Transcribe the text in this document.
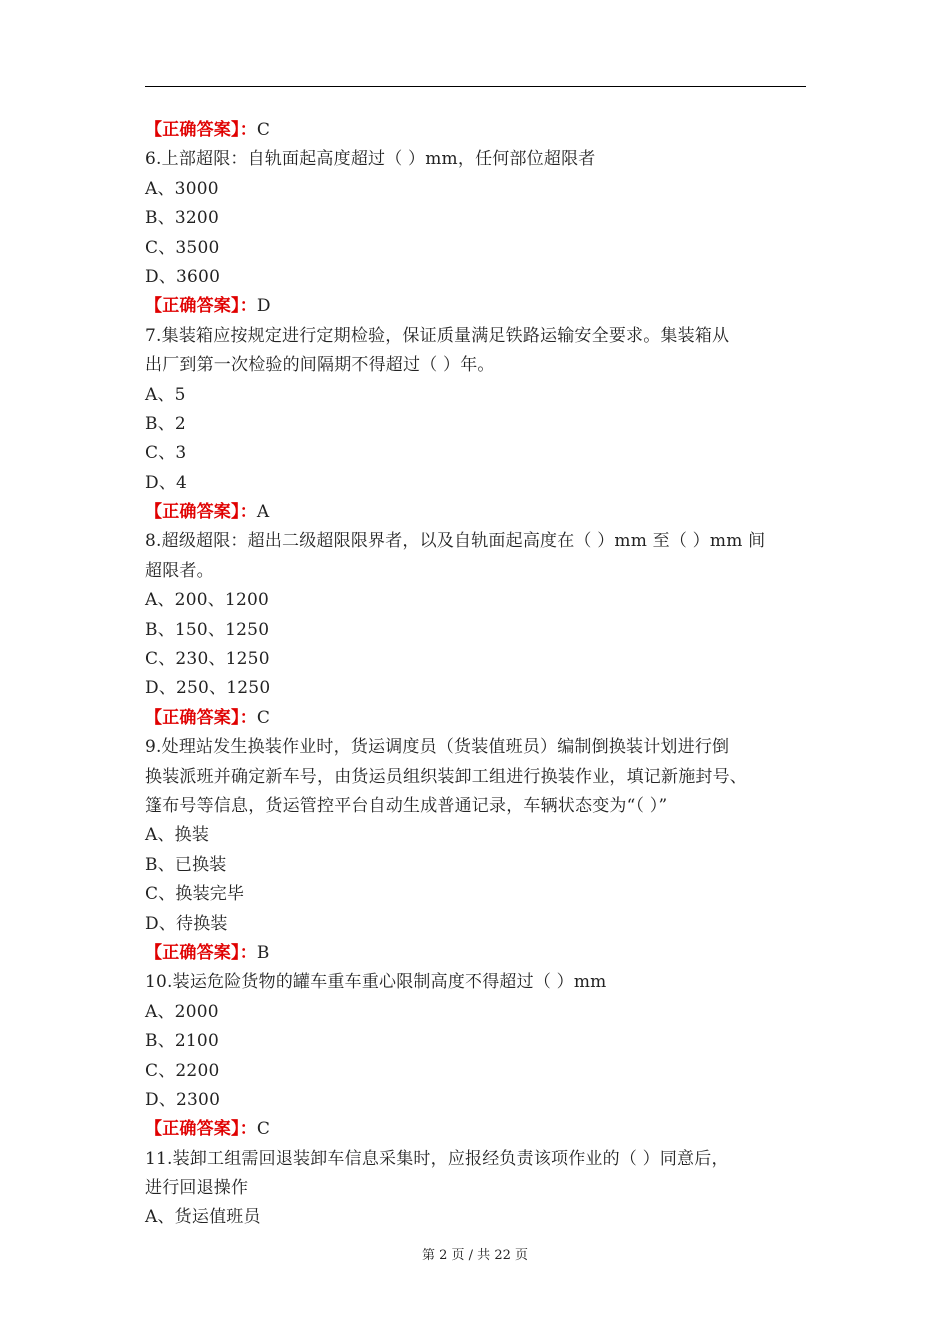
【正确答案】：C
6.上部超限：自轨面起高度超过（ ）mm，任何部位超限者
A、3000
B、3200
C、3500
D、3600
【正确答案】：D
7.集装箱应按规定进行定期检验，保证质量满足铁路运输安全要求。集装箱从
出厂到第一次检验的间隔期不得超过（ ）年。
A、5
B、2
C、3
D、4
【正确答案】：A
8.超级超限：超出二级超限限界者，以及自轨面起高度在（ ）mm 至（ ）mm 间
超限者。
A、200、1200
B、150、1250
C、230、1250
D、250、1250
【正确答案】：C
9.处理站发生换装作业时，货运调度员（货装值班员）编制倒换装计划进行倒
换装派班并确定新车号，由货运员组织装卸工组进行换装作业，填记新施封号、
篷布号等信息，货运管控平台自动生成普通记录，车辆状态变为“（ ）”
A、换装
B、已换装
C、换装完毕
D、待换装
【正确答案】：B
10.装运危险货物的罐车重车重心限制高度不得超过（ ）mm
A、2000
B、2100
C、2200
D、2300
【正确答案】：C
11.装卸工组需回退装卸车信息采集时，应报经负责该项作业的（ ）同意后，
进行回退操作
A、货运值班员
第 2 页 / 共 22 页
